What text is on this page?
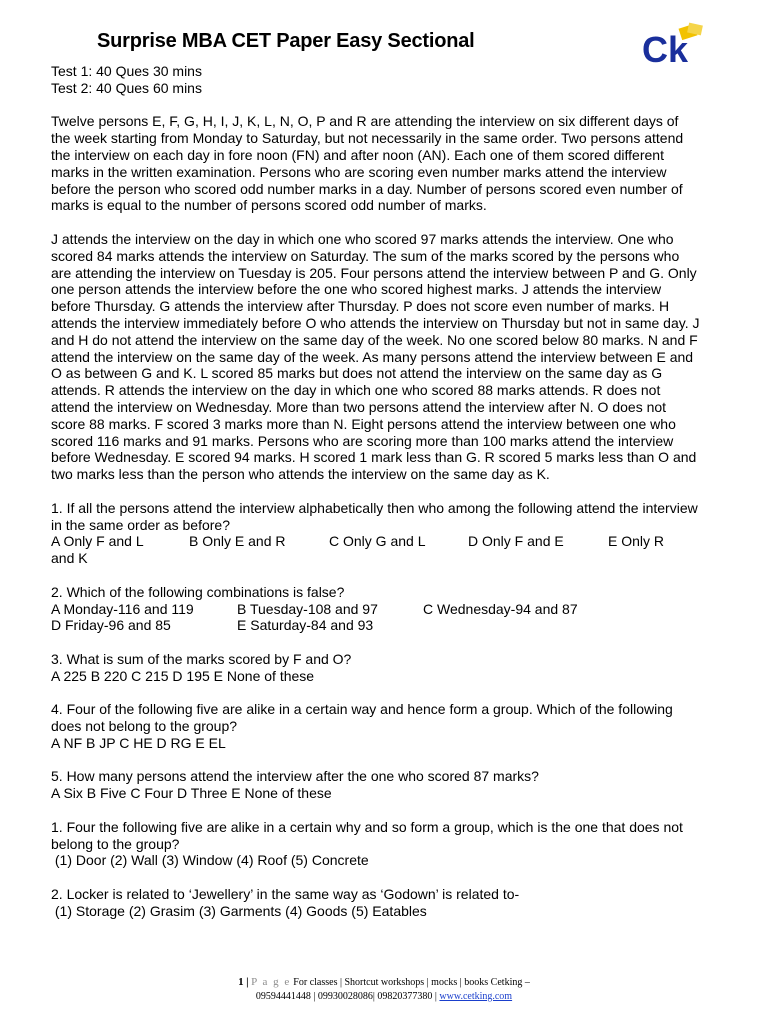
Surprise MBA CET Paper Easy Sectional	Ck

Test 1: 40 Ques 30 mins

Test 2: 40 Ques 60 mins

Twelve persons E, F, G, H, I, J, K, L, N, O, P and R are attending the interview on six different days of the week starting from Monday to Saturday, but not necessarily in the same order. Two persons attend the interview on each day in fore noon (FN) and after noon (AN). Each one of them scored different marks in the written examination. Persons who are scoring even number marks attend the interview before the person who scored odd number marks in a day. Number of persons scored even number of marks is equal to the number of persons scored odd number of marks.

J attends the interview on the day in which one who scored 97 marks attends the interview. One who scored 84 marks attends the interview on Saturday. The sum of the marks scored by the persons who are attending the interview on Tuesday is 205. Four persons attend the interview between P and G. Only one person attends the interview before the one who scored highest marks. J attends the interview before Thursday. G attends the interview after Thursday. P does not score even number of marks. H attends the interview immediately before O who attends the interview on Thursday but not in same day. J and H do not attend the interview on the same day of the week. No one scored below 80 marks. N and F attend the interview on the same day of the week. As many persons attend the interview between E and O as between G and K. L scored 85 marks but does not attend the interview on the same day as G attends. R attends the interview on the day in which one who scored 88 marks attends. R does not attend the interview on Wednesday. More than two persons attend the interview after N. O does not score 88 marks. F scored 3 marks more than N. Eight persons attend the interview between one who scored 116 marks and 91 marks. Persons who are scoring more than 100 marks attend the interview before Wednesday. E scored 94 marks. H scored 1 mark less than G. R scored 5 marks less than O and two marks less than the person who attends the interview on the same day as K.

1. If all the persons attend the interview alphabetically then who among the following attend the interview in the same order as before?

A Only F and L	B Only E and R	C Only G and L	D Only F and E	E Only R

and K

2. Which of the following combinations is false?

A Monday-116 and 119	B Tuesday-108 and 97	C Wednesday-94 and 87
D Friday-96 and 85	E Saturday-84 and 93

3. What is sum of the marks scored by F and O?

A 225 B 220 C 215 D 195 E None of these

4. Four of the following five are alike in a certain way and hence form a group. Which of the following does not belong to the group?

A NF B JP C HE D RG E EL

5. How many persons attend the interview after the one who scored 87 marks?

A Six B Five C Four D Three E None of these

1. Four the following five are alike in a certain why and so form a group, which is the one that does not belong to the group?

(1) Door (2) Wall (3) Window (4) Roof (5) Concrete

2. Locker is related to ‘Jewellery’ in the same way as ‘Godown’ is related to-

(1) Storage (2) Grasim (3) Garments (4) Goods (5) Eatables

1 | P a g e For classes | Shortcut workshops | mocks | books Cetking –
09594441448 | 09930028086| 09820377380 | www.cetking.com
